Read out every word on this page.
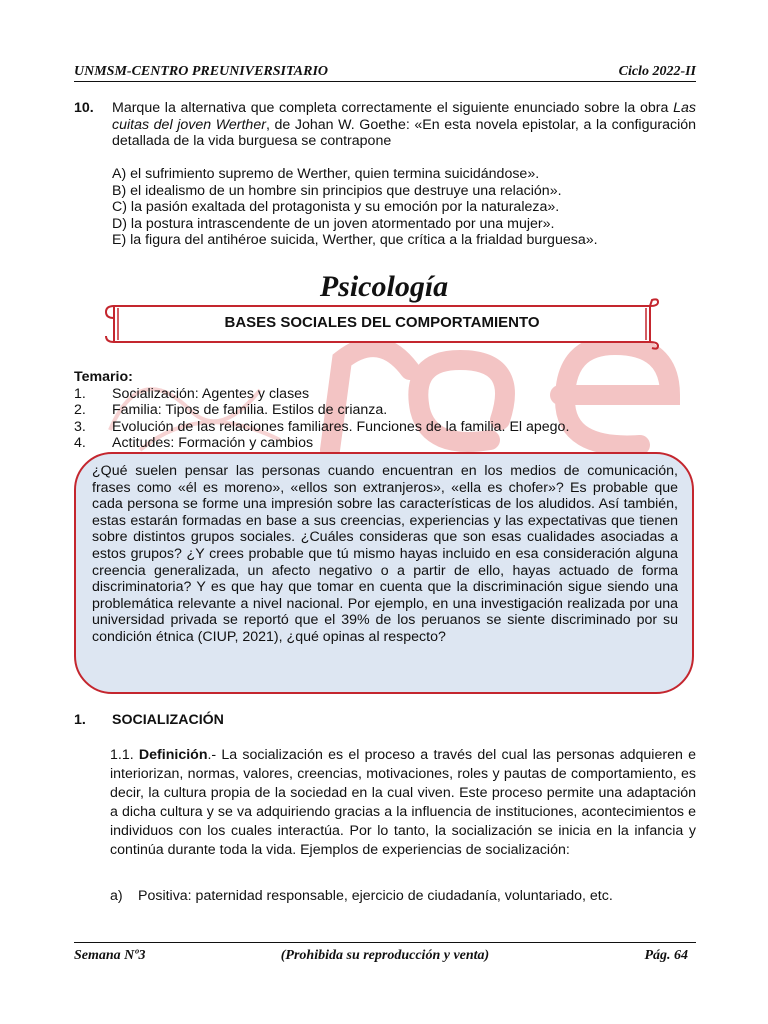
UNMSM-CENTRO PREUNIVERSITARIO	Ciclo 2022-II
10. Marque la alternativa que completa correctamente el siguiente enunciado sobre la obra Las cuitas del joven Werther, de Johan W. Goethe: «En esta novela epistolar, a la configuración detallada de la vida burguesa se contrapone
A) el sufrimiento supremo de Werther, quien termina suicidándose».
B) el idealismo de un hombre sin principios que destruye una relación».
C) la pasión exaltada del protagonista y su emoción por la naturaleza».
D) la postura intrascendente de un joven atormentado por una mujer».
E) la figura del antihéroe suicida, Werther, que crítica a la frialdad burguesa».
Psicología
BASES SOCIALES DEL COMPORTAMIENTO
Temario:
1. Socialización: Agentes y clases
2. Familia: Tipos de familia. Estilos de crianza.
3. Evolución de las relaciones familiares. Funciones de la familia. El apego.
4. Actitudes: Formación y cambios
¿Qué suelen pensar las personas cuando encuentran en los medios de comunicación, frases como «él es moreno», «ellos son extranjeros», «ella es chofer»? Es probable que cada persona se forme una impresión sobre las características de los aludidos. Así también, estas estarán formadas en base a sus creencias, experiencias y las expectativas que tienen sobre distintos grupos sociales. ¿Cuáles consideras que son esas cualidades asociadas a estos grupos? ¿Y crees probable que tú mismo hayas incluido en esa consideración alguna creencia generalizada, un afecto negativo o a partir de ello, hayas actuado de forma discriminatoria? Y es que hay que tomar en cuenta que la discriminación sigue siendo una problemática relevante a nivel nacional. Por ejemplo, en una investigación realizada por una universidad privada se reportó que el 39% de los peruanos se siente discriminado por su condición étnica (CIUP, 2021), ¿qué opinas al respecto?
1. SOCIALIZACIÓN
1.1. Definición.- La socialización es el proceso a través del cual las personas adquieren e interiorizan, normas, valores, creencias, motivaciones, roles y pautas de comportamiento, es decir, la cultura propia de la sociedad en la cual viven. Este proceso permite una adaptación a dicha cultura y se va adquiriendo gracias a la influencia de instituciones, acontecimientos e individuos con los cuales interactúa. Por lo tanto, la socialización se inicia en la infancia y continúa durante toda la vida. Ejemplos de experiencias de socialización:
a) Positiva: paternidad responsable, ejercicio de ciudadanía, voluntariado, etc.
(Prohibida su reproducción y venta)
Semana Nº3	Pág. 64
